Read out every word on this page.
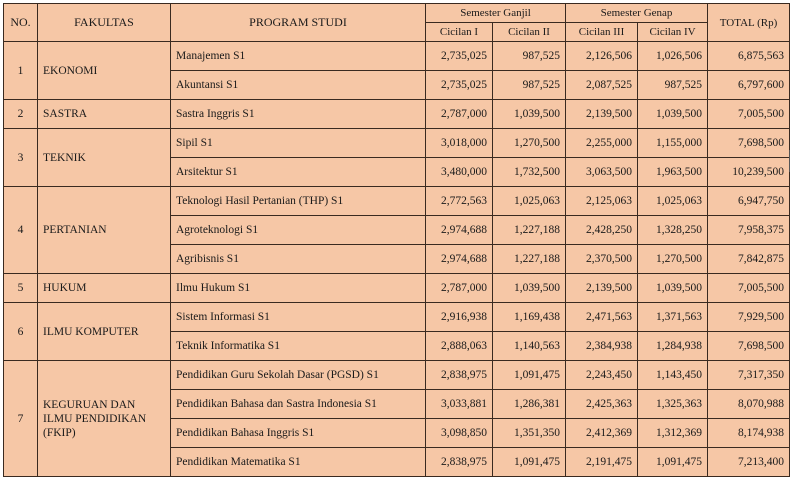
NO.	FAKULTAS	PROGRAM STUDI	Semester Ganjil		Semester Genap		TOTAL (Rp)
			Cicilan I	Cicilan II	Cicilan III	Cicilan IV	
1	EKONOMI	Manajemen S1	2,735,025	987,525	2,126,506	1,026,506	6,875,563
		Akuntansi S1	2,735,025	987,525	2,087,525	987,525	6,797,600
2	SASTRA	Sastra Inggris S1	2,787,000	1,039,500	2,139,500	1,039,500	7,005,500
3	TEKNIK	Sipil S1	3,018,000	1,270,500	2,255,000	1,155,000	7,698,500
		Arsitektur S1	3,480,000	1,732,500	3,063,500	1,963,500	10,239,500
4	PERTANIAN	Teknologi Hasil Pertanian (THP) S1	2,772,563	1,025,063	2,125,063	1,025,063	6,947,750
		Agroteknologi S1	2,974,688	1,227,188	2,428,250	1,328,250	7,958,375
		Agribisnis S1	2,974,688	1,227,188	2,370,500	1,270,500	7,842,875
5	HUKUM	Ilmu Hukum S1	2,787,000	1,039,500	2,139,500	1,039,500	7,005,500
6	ILMU KOMPUTER	Sistem Informasi S1	2,916,938	1,169,438	2,471,563	1,371,563	7,929,500
		Teknik Informatika S1	2,888,063	1,140,563	2,384,938	1,284,938	7,698,500
7	KEGURUAN DAN ILMU PENDIDIKAN (FKIP)	Pendidikan Guru Sekolah Dasar (PGSD) S1	2,838,975	1,091,475	2,243,450	1,143,450	7,317,350
		Pendidikan Bahasa dan Sastra Indonesia S1	3,033,881	1,286,381	2,425,363	1,325,363	8,070,988
		Pendidikan Bahasa Inggris S1	3,098,850	1,351,350	2,412,369	1,312,369	8,174,938
		Pendidikan Matematika S1	2,838,975	1,091,475	2,191,475	1,091,475	7,213,400
